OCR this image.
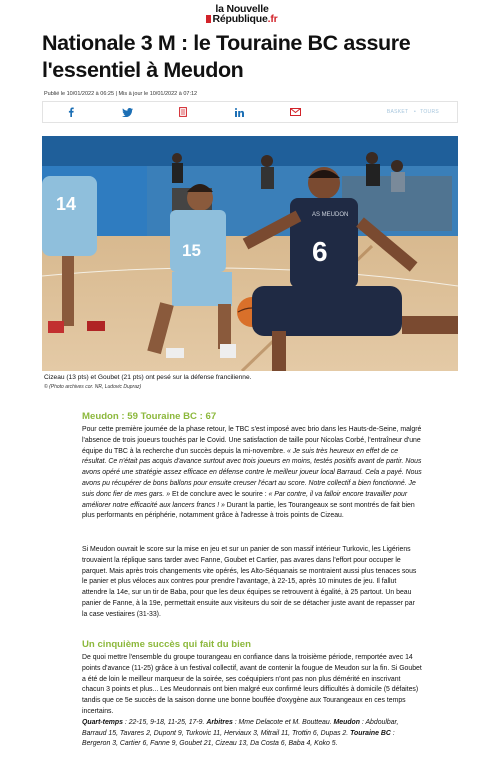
la Nouvelle
République.fr
Nationale 3 M : le Touraine BC assure l'essentiel à Meudon
Publié le 10/01/2022 à 06:25 | Mis à jour le 10/01/2022 à 07:12
BASKET • TOURS
14
15
AS MEUDON
6
Cizeau (13 pts) et Goubet (21 pts) ont pesé sur la défense francilienne.
© (Photo archives cor. NR, Ludovic Dupraz)
Meudon : 59 Touraine BC : 67

Pour cette première journée de la phase retour, le TBC s'est imposé avec brio dans les Hauts-de-Seine, malgré l'absence de trois joueurs touchés par le Covid. Une satisfaction de taille pour Nicolas Corbé, l'entraîneur d'une équipe du TBC à la recherche d'un succès depuis la mi-novembre. « Je suis très heureux en effet de ce résultat. Ce n'était pas acquis d'avance surtout avec trois joueurs en moins, testés positifs avant de partir. Nous avons opéré une stratégie assez efficace en défense contre le meilleur joueur local Barraud. Cela a payé. Nous avons pu récupérer de bons ballons pour ensuite creuser l'écart au score. Notre collectif a bien fonctionné. Je suis donc fier de mes gars. » Et de conclure avec le sourire : « Par contre, il va falloir encore travailler pour améliorer notre efficacité aux lancers francs ! » Durant la partie, les Tourangeaux se sont montrés de fait bien plus performants en périphérie, notamment grâce à l'adresse à trois points de Cizeau.

Si Meudon ouvrait le score sur la mise en jeu et sur un panier de son massif intérieur Turkovic, les Ligériens trouvaient la réplique sans tarder avec Fanne, Goubet et Cartier, pas avares dans l'effort pour occuper le parquet. Mais après trois changements vite opérés, les Alto-Séquanais se montraient aussi plus tenaces sous le panier et plus véloces aux contres pour prendre l'avantage, à 22-15, après 10 minutes de jeu. Il fallut attendre la 14e, sur un tir de Baba, pour que les deux équipes se retrouvent à égalité, à 25 partout. Un beau panier de Fanne, à la 19e, permettait ensuite aux visiteurs du soir de se détacher juste avant de repasser par la case vestiaires (31-33).

Un cinquième succès qui fait du bien

De quoi mettre l'ensemble du groupe tourangeau en confiance dans la troisième période, remportée avec 14 points d'avance (11-25) grâce à un festival collectif, avant de contenir la fougue de Meudon sur la fin. Si Goubet a été de loin le meilleur marqueur de la soirée, ses coéquipiers n'ont pas non plus démérité en inscrivant chacun 3 points et plus... Les Meudonnais ont bien malgré eux confirmé leurs difficultés à domicile (5 défaites) tandis que ce 5e succès de la saison donne une bonne bouffée d'oxygène aux Tourangeaux en ces temps incertains.
Quart-temps : 22-15, 9-18, 11-25, 17-9. Arbitres : Mme Delacote et M. Boutteau. Meudon : Abdoulbar, Barraud 15, Tavares 2, Dupont 9, Turkovic 11, Herviaux 3, Mitrail 11, Trottin 6, Dupas 2. Touraine BC : Bergeron 3, Cartier 6, Fanne 9, Goubet 21, Cizeau 13, Da Costa 6, Baba 4, Koko 5.
